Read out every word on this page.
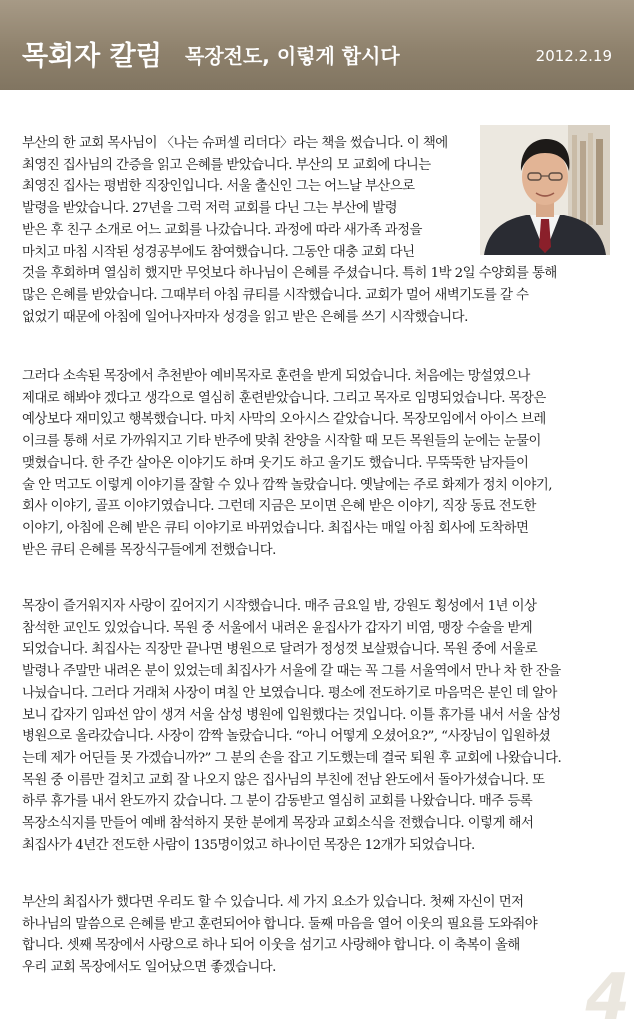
목회자 칼럼 목장전도, 이렇게 합시다	2012.2.19

부산의 한 교회 목사님이 〈나는 슈퍼셀 리더다〉라는 책을 썼습니다. 이 책에
최영진 집사님의 간증을 읽고 은혜를 받았습니다. 부산의 모 교회에 다니는
최영진 집사는 평범한 직장인입니다. 서울 출신인 그는 어느날 부산으로
발령을 받았습니다. 27년을 그럭 저럭 교회를 다닌 그는 부산에 발령
받은 후 친구 소개로 어느 교회를 나갔습니다. 과정에 따라 새가족 과정을
마치고 마침 시작된 성경공부에도 참여했습니다. 그동안 대충 교회 다닌
것을 후회하며 열심히 했지만 무엇보다 하나님이 은혜를 주셨습니다. 특히 1박 2일 수양회를 통해
많은 은혜를 받았습니다. 그때부터 아침 큐티를 시작했습니다. 교회가 멀어 새벽기도를 갈 수
없었기 때문에 아침에 일어나자마자 성경을 읽고 받은 은혜를 쓰기 시작했습니다.

그러다 소속된 목장에서 추천받아 예비목자로 훈련을 받게 되었습니다. 처음에는 망설였으나
제대로 해봐야 겠다고 생각으로 열심히 훈련받았습니다. 그리고 목자로 임명되었습니다. 목장은
예상보다 재미있고 행복했습니다. 마치 사막의 오아시스 같았습니다. 목장모임에서 아이스 브레
이크를 통해 서로 가까워지고 기타 반주에 맞춰 찬양을 시작할 때 모든 목원들의 눈에는 눈물이
맺혔습니다. 한 주간 살아온 이야기도 하며 웃기도 하고 울기도 했습니다. 무뚝뚝한 남자들이
술 안 먹고도 이렇게 이야기를 잘할 수 있나 깜짝 놀랐습니다. 옛날에는 주로 화제가 정치 이야기,
회사 이야기, 골프 이야기였습니다. 그런데 지금은 모이면 은혜 받은 이야기, 직장 동료 전도한
이야기, 아침에 은혜 받은 큐티 이야기로 바뀌었습니다. 최집사는 매일 아침 회사에 도착하면
받은 큐티 은혜를 목장식구들에게 전했습니다.

목장이 즐거워지자 사랑이 깊어지기 시작했습니다. 매주 금요일 밤, 강원도 횡성에서 1년 이상
참석한 교인도 있었습니다. 목원 중 서울에서 내려온 윤집사가 갑자기 비염, 맹장 수술을 받게
되었습니다. 최집사는 직장만 끝나면 병원으로 달려가 정성껏 보살폈습니다. 목원 중에 서울로
발령나 주말만 내려온 분이 있었는데 최집사가 서울에 갈 때는 꼭 그를 서울역에서 만나 차 한 잔을
나눴습니다. 그러다 거래처 사장이 며칠 안 보였습니다. 평소에 전도하기로 마음먹은 분인 데 알아
보니 갑자기 임파선 암이 생겨 서울 삼성 병원에 입원했다는 것입니다. 이틀 휴가를 내서 서울 삼성
병원으로 올라갔습니다. 사장이 깜짝 놀랐습니다. “아니 어떻게 오셨어요?”, “사장님이 입원하셨
는데 제가 어딘들 못 가겠습니까?” 그 분의 손을 잡고 기도했는데 결국 퇴원 후 교회에 나왔습니다.
목원 중 이름만 걸치고 교회 잘 나오지 않은 집사님의 부친에 전남 완도에서 돌아가셨습니다. 또
하루 휴가를 내서 완도까지 갔습니다. 그 분이 감동받고 열심히 교회를 나왔습니다. 매주 등록
목장소식지를 만들어 예배 참석하지 못한 분에게 목장과 교회소식을 전했습니다. 이렇게 해서
최집사가 4년간 전도한 사람이 135명이었고 하나이던 목장은 12개가 되었습니다.

부산의 최집사가 했다면 우리도 할 수 있습니다. 세 가지 요소가 있습니다. 첫째 자신이 먼저
하나님의 말씀으로 은혜를 받고 훈련되어야 합니다. 둘째 마음을 열어 이웃의 필요를 도와줘야
합니다. 셋째 목장에서 사랑으로 하나 되어 이웃을 섬기고 사랑해야 합니다. 이 축복이 올해
우리 교회 목장에서도 일어났으면 좋겠습니다.	4
